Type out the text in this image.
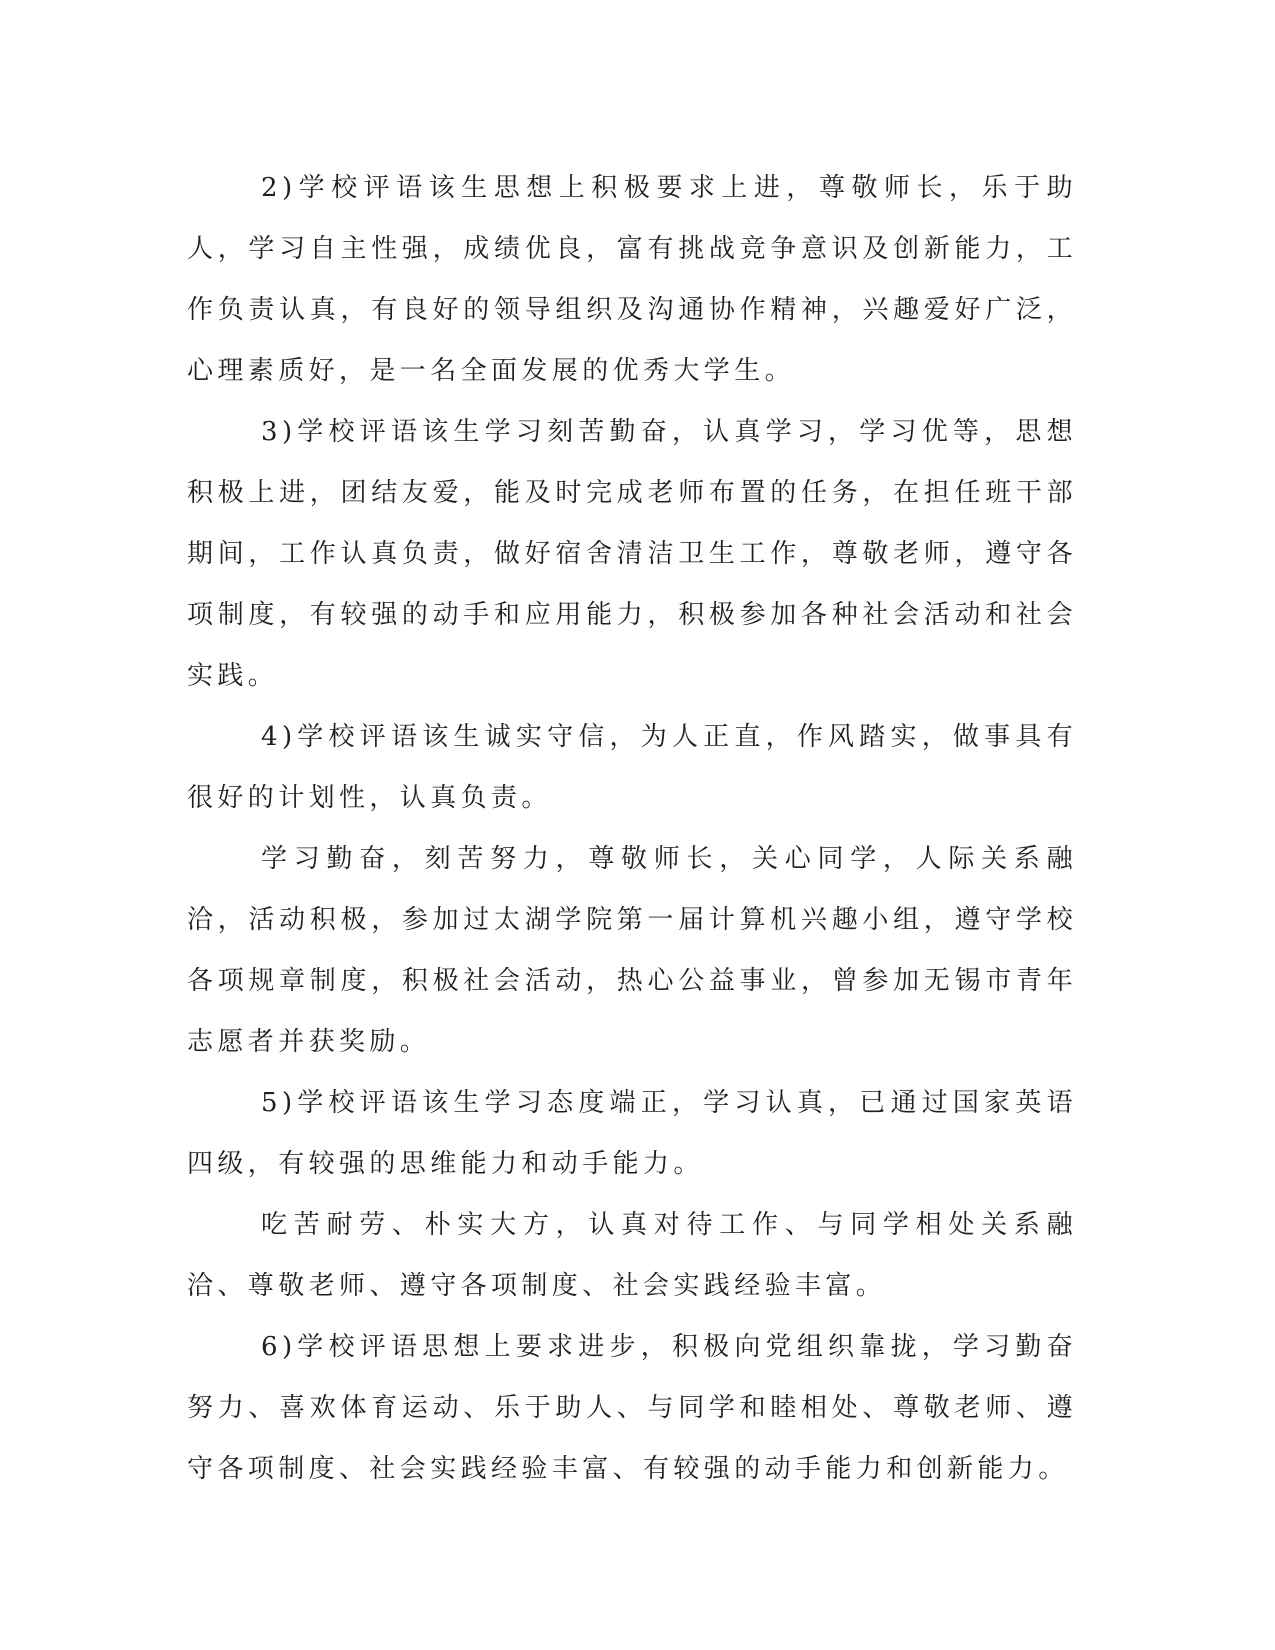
2)学校评语该生思想上积极要求上进，尊敬师长，乐于助人，学习自主性强，成绩优良，富有挑战竞争意识及创新能力，工作负责认真，有良好的领导组织及沟通协作精神，兴趣爱好广泛，心理素质好，是一名全面发展的优秀大学生。

3)学校评语该生学习刻苦勤奋，认真学习，学习优等，思想积极上进，团结友爱，能及时完成老师布置的任务，在担任班干部期间，工作认真负责，做好宿舍清洁卫生工作，尊敬老师，遵守各项制度，有较强的动手和应用能力，积极参加各种社会活动和社会实践。

4)学校评语该生诚实守信，为人正直，作风踏实，做事具有很好的计划性，认真负责。

学习勤奋，刻苦努力，尊敬师长，关心同学，人际关系融洽，活动积极，参加过太湖学院第一届计算机兴趣小组，遵守学校各项规章制度，积极社会活动，热心公益事业，曾参加无锡市青年志愿者并获奖励。

5)学校评语该生学习态度端正，学习认真，已通过国家英语四级，有较强的思维能力和动手能力。

吃苦耐劳、朴实大方，认真对待工作、与同学相处关系融洽、尊敬老师、遵守各项制度、社会实践经验丰富。

6)学校评语思想上要求进步，积极向党组织靠拢，学习勤奋努力、喜欢体育运动、乐于助人、与同学和睦相处、尊敬老师、遵守各项制度、社会实践经验丰富、有较强的动手能力和创新能力。
